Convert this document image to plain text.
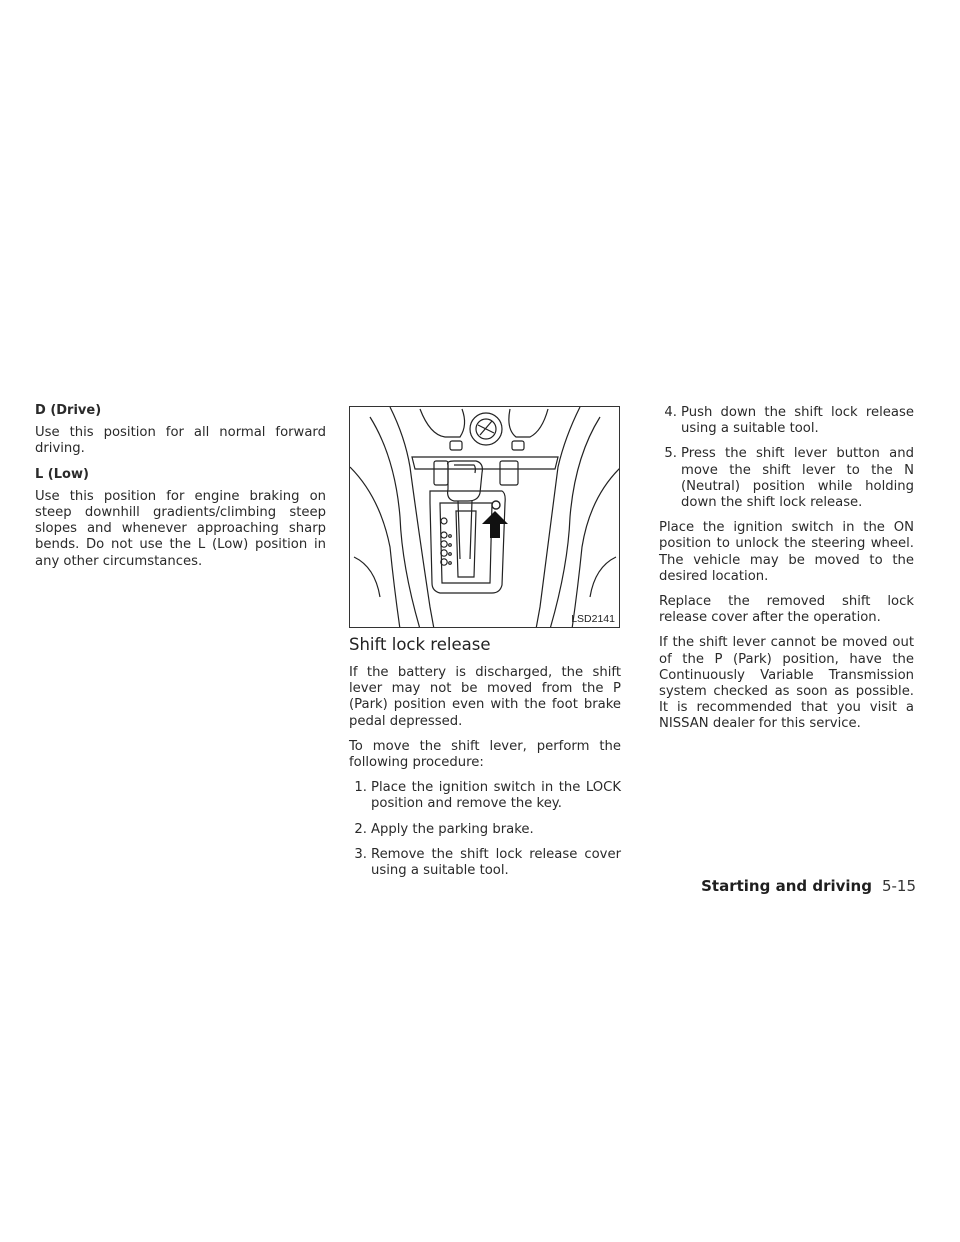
D (Drive)

Use this position for all normal forward driving.

L (Low)

Use this position for engine braking on steep downhill gradients/climbing steep slopes and whenever approaching sharp bends. Do not use the L (Low) position in any other circumstances.

LSD2141

Shift lock release

If the battery is discharged, the shift lever may not be moved from the P (Park) position even with the foot brake pedal depressed.

To move the shift lever, perform the following procedure:

1. Place the ignition switch in the LOCK position and remove the key.
2. Apply the parking brake.
3. Remove the shift lock release cover using a suitable tool.
4. Push down the shift lock release using a suitable tool.
5. Press the shift lever button and move the shift lever to the N (Neutral) position while holding down the shift lock release.

Place the ignition switch in the ON position to unlock the steering wheel. The vehicle may be moved to the desired location.

Replace the removed shift lock release cover after the operation.

If the shift lever cannot be moved out of the P (Park) position, have the Continuously Variable Transmission system checked as soon as possible. It is recommended that you visit a NISSAN dealer for this service.

Starting and driving 5-15
